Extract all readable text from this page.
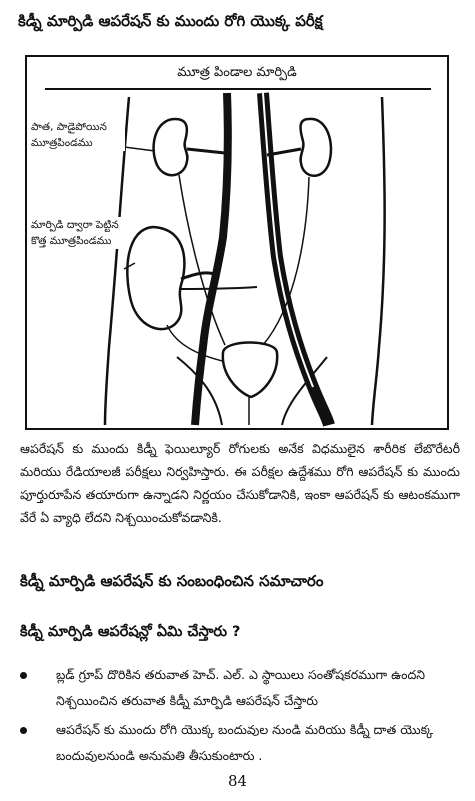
కిడ్నీ మార్పిడి ఆపరేషన్ కు ముందు రోగి యొక్క పరీక్ష
మూత్ర పిండాల మార్పిడి
పాత, పాడైపోయిన మూత్రపిండము
మార్పిడి ద్వారా పెట్టిన కొత్త మూత్రపిండము
ఆపరేషన్ కు ముందు కిడ్నీ ఫెయిల్యూర్ రోగులకు అనేక విధములైన శారీరిక లేబొరేటరీ మరియు రేడియాలజీ పరీక్షలు నిర్వహిస్తారు. ఈ పరీక్షల ఉద్దేశము రోగి ఆపరేషన్ కు ముందు పూర్తురూపేన తయారుగా ఉన్నాడని నిర్ణయం చేసుకోడానికి, ఇంకా ఆపరేషన్ కు ఆటంకముగా వేరే ఏ వ్యాధి లేదని నిశ్చయించుకోవడానికి.
కిడ్నీ మార్పిడి ఆపరేషన్ కు సంబంధించిన సమాచారం
కిడ్నీ మార్పిడి ఆపరేషన్లో ఏమి చేస్తారు ?
బ్లడ్ గ్రూప్ దొరికిన తరువాత హెచ్. ఎల్. ఎ స్థాయిలు సంతోషకరముగా ఉందని నిశ్చయించిన తరువాత కిడ్నీ మార్పిడి ఆపరేషన్ చేస్తారు
ఆపరేషన్ కు ముందు రోగి యొక్క బందువుల నుండి మరియు కిడ్నీ దాత యొక్క బందువులనుండి అనుమతి తీసుకుంటారు .
84
